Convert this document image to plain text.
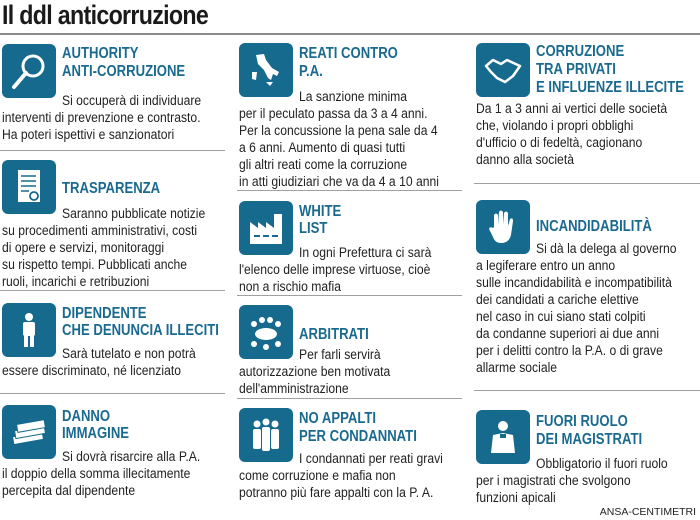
Il ddl anticorruzione
AUTHORITY
ANTI-CORRUZIONE
Si occuperà di individuare
interventi di prevenzione e contrasto.
Ha poteri ispettivi e sanzionatori
TRASPARENZA
Saranno pubblicate notizie
su procedimenti amministrativi, costi
di opere e servizi, monitoraggi
su rispetto tempi. Pubblicati anche
ruoli, incarichi e retribuzioni
DIPENDENTE
CHE DENUNCIA ILLECITI
Sarà tutelato e non potrà
essere discriminato, né licenziato
DANNO
IMMAGINE
Si dovrà risarcire alla P.A.
il doppio della somma illecitamente
percepita dal dipendente
REATI CONTRO
P.A.
La sanzione minima
per il peculato passa da 3 a 4 anni.
Per la concussione la pena sale da 4
a 6 anni. Aumento di quasi tutti
gli altri reati come la corruzione
in atti giudiziari che va da 4 a 10 anni
WHITE
LIST
In ogni Prefettura ci sarà
l'elenco delle imprese virtuose, cioè
non a rischio mafia
ARBITRATI
Per farli servirà
autorizzazione ben motivata
dell'amministrazione
NO APPALTI
PER CONDANNATI
I condannati per reati gravi
come corruzione e mafia non
potranno più fare appalti con la P. A.
CORRUZIONE
TRA PRIVATI
E INFLUENZE ILLECITE
Da 1 a 3 anni ai vertici delle società
che, violando i propri obblighi
d'ufficio o di fedeltà, cagionano
danno alla società
INCANDIDABILITÀ
Si dà la delega al governo
a legiferare entro un anno
sulle incandidabilità e incompatibilità
dei candidati a cariche elettive
nel caso in cui siano stati colpiti
da condanne superiori ai due anni
per i delitti contro la P.A. o di grave
allarme sociale
FUORI RUOLO
DEI MAGISTRATI
Obbligatorio il fuori ruolo
per i magistrati che svolgono
funzioni apicali
ANSA-CENTIMETRI
